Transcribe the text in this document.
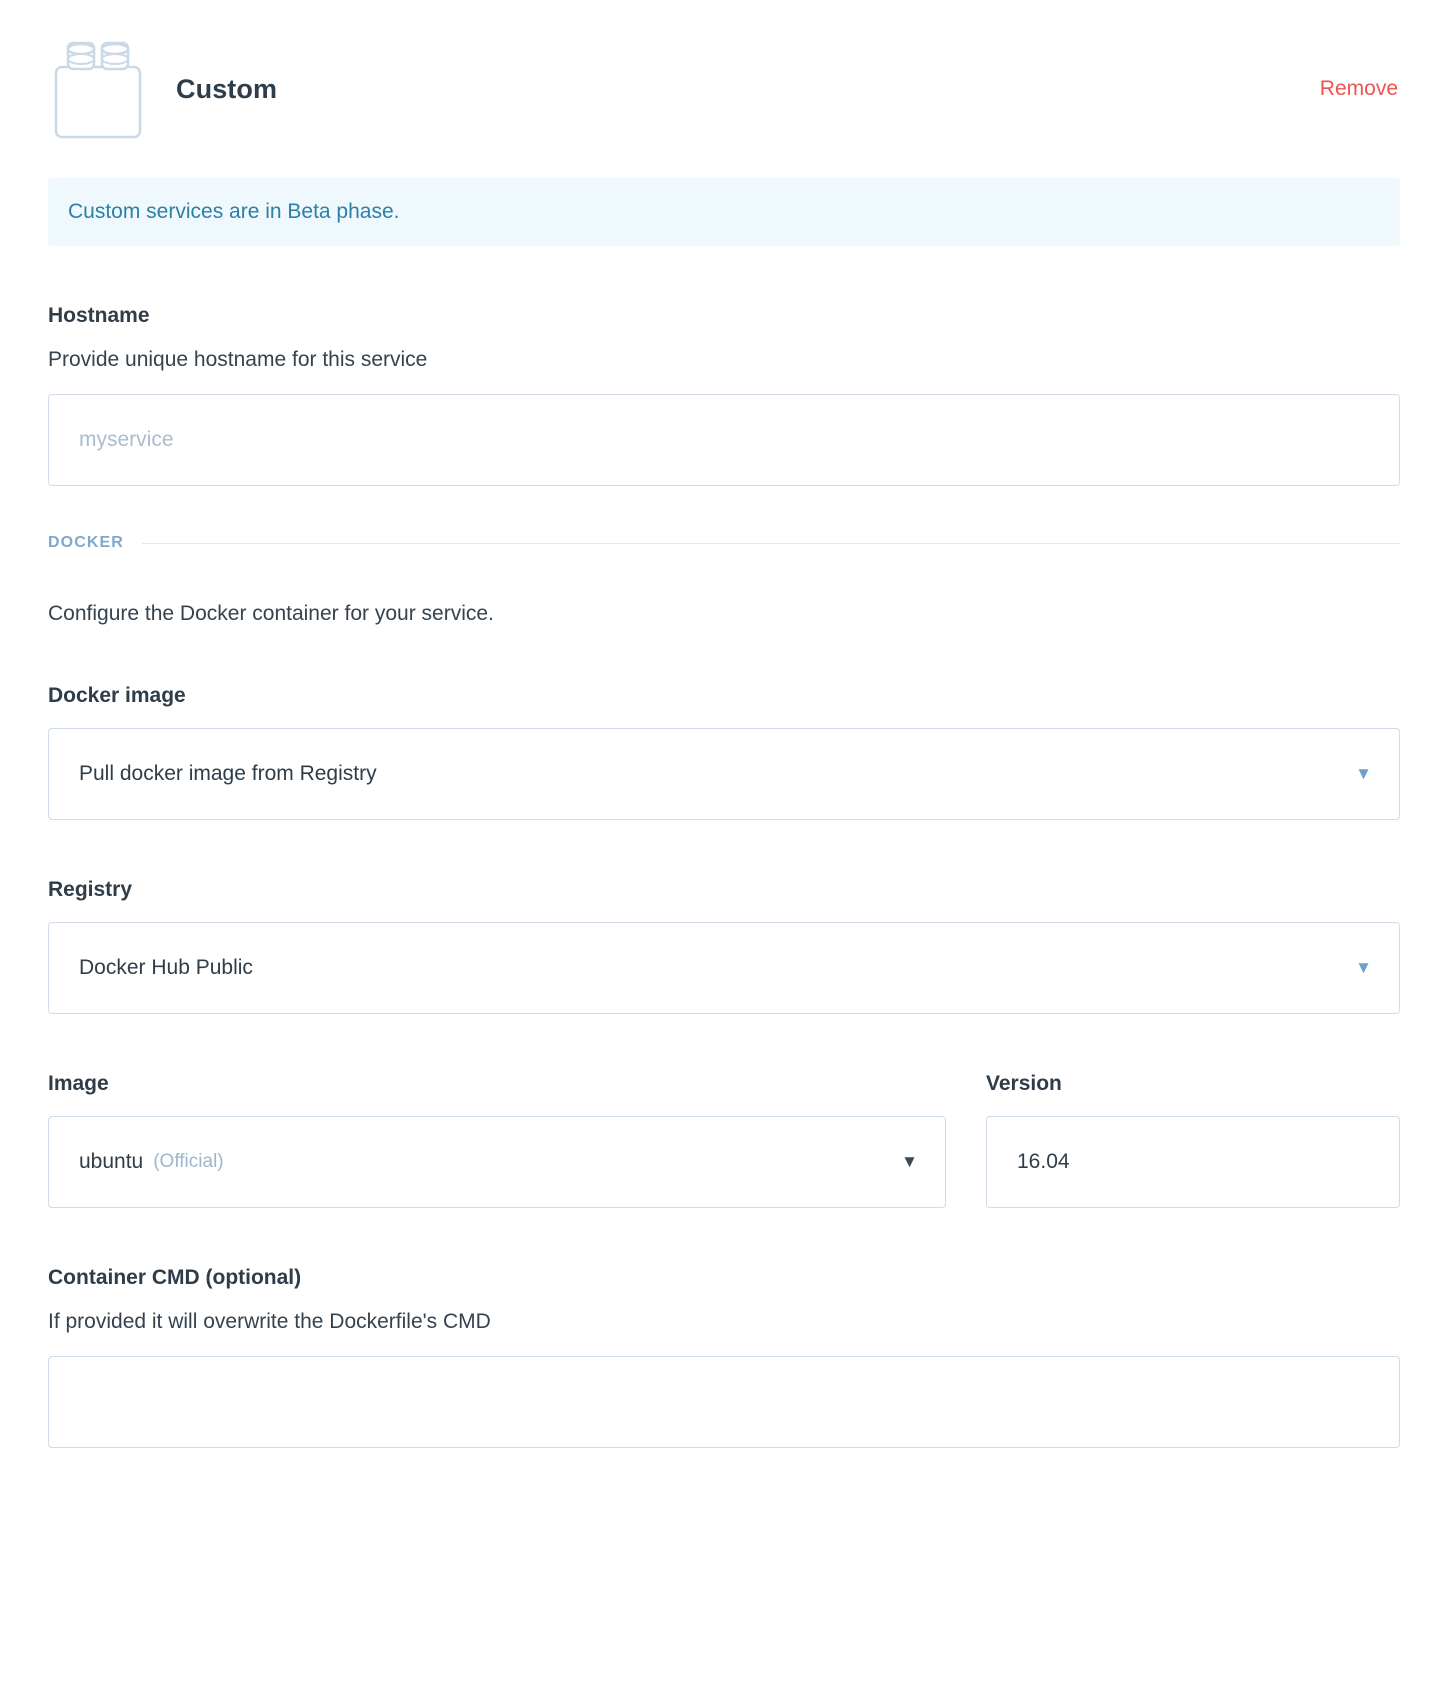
Custom	Remove
Custom services are in Beta phase.
Hostname
Provide unique hostname for this service
myservice
DOCKER
Configure the Docker container for your service.
Docker image
Pull docker image from Registry	▼
Registry
Docker Hub Public	▼
Image
ubuntu (Official)	▼
Version
16.04
Container CMD (optional)
If provided it will overwrite the Dockerfile's CMD
